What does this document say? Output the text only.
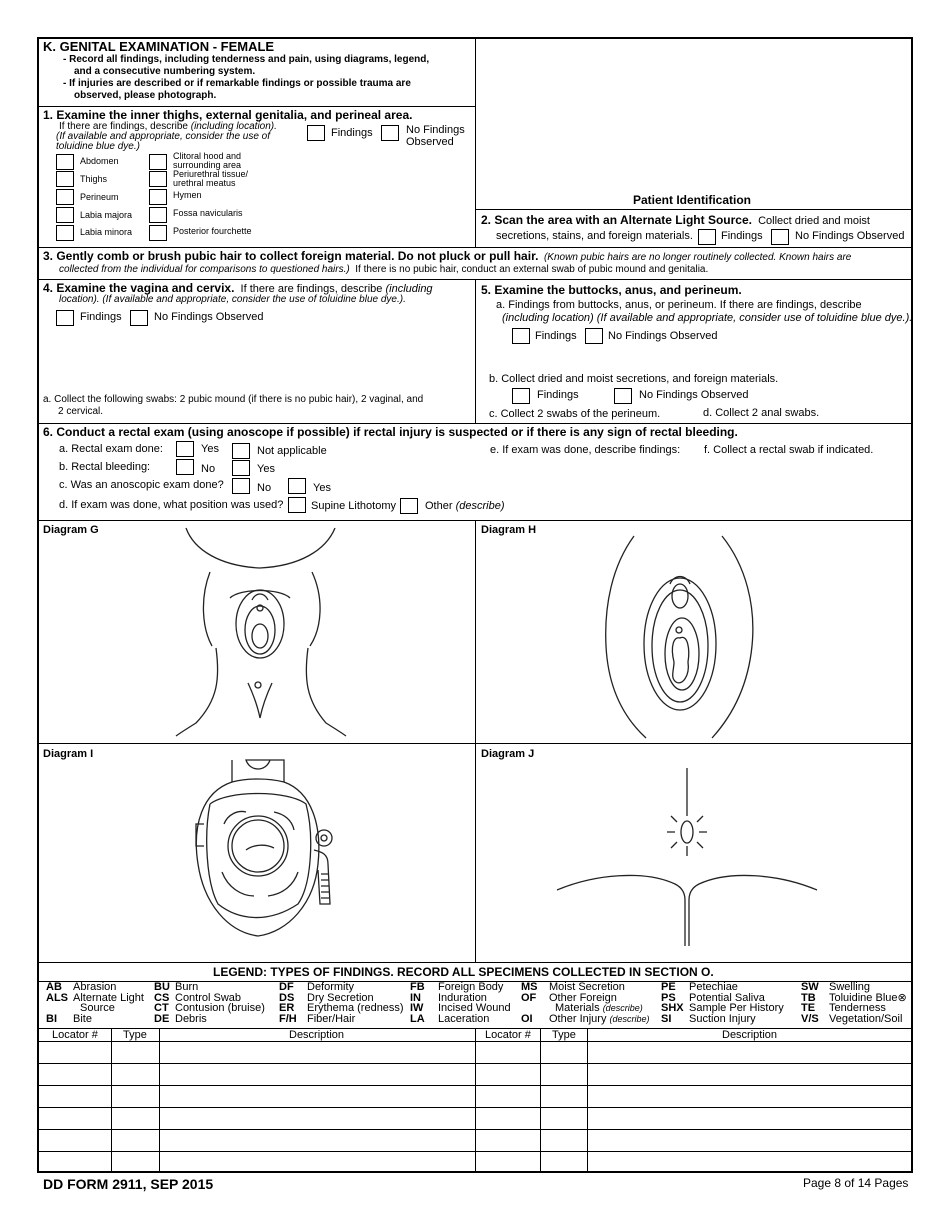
K. GENITAL EXAMINATION - FEMALE
- Record all findings, including tenderness and pain, using diagrams, legend,
and a consecutive numbering system.
- If injuries are described or if remarkable findings or possible trauma are
observed, please photograph.
1. Examine the inner thighs, external genitalia, and perineal area.
If there are findings, describe (including location).
(If available and appropriate, consider the use of
toluidine blue dye.)
Findings	No Findings
Observed
Abdomen
Thighs
Perineum
Labia majora
Labia minora
Clitoral hood and
surrounding area
Periurethral tissue/
urethral meatus
Hymen
Fossa navicularis
Posterior fourchette
Patient Identification
2. Scan the area with an Alternate Light Source. Collect dried and moist
secretions, stains, and foreign materials.	Findings	No Findings Observed
3. Gently comb or brush pubic hair to collect foreign material. Do not pluck or pull hair. (Known pubic hairs are no longer routinely collected. Known hairs are
collected from the individual for comparisons to questioned hairs.) If there is no pubic hair, conduct an external swab of pubic mound and genitalia.
4. Examine the vagina and cervix. If there are findings, describe (including
location). (If available and appropriate, consider the use of toluidine blue dye.).
Findings	No Findings Observed
a. Collect the following swabs: 2 pubic mound (if there is no pubic hair), 2 vaginal, and
2 cervical.
5. Examine the buttocks, anus, and perineum.
a. Findings from buttocks, anus, or perineum. If there are findings, describe
(including location) (If available and appropriate, consider use of toluidine blue dye.).
Findings	No Findings Observed
b. Collect dried and moist secretions, and foreign materials.
Findings	No Findings Observed
c. Collect 2 swabs of the perineum.	d. Collect 2 anal swabs.
6. Conduct a rectal exam (using anoscope if possible) if rectal injury is suspected or if there is any sign of rectal bleeding.
a. Rectal exam done:	Yes	Not applicable
b. Rectal bleeding:	No	Yes
c. Was an anoscopic exam done?	No	Yes
d. If exam was done, what position was used?	Supine Lithotomy	Other (describe)
e. If exam was done, describe findings: f. Collect a rectal swab if indicated.
Diagram G	Diagram H
Diagram I	Diagram J
LEGEND: TYPES OF FINDINGS. RECORD ALL SPECIMENS COLLECTED IN SECTION O.
AB Abrasion
ALS Alternate Light
Source
BI Bite
BU Burn
CS Control Swab
CT Contusion (bruise)
DE Debris
DF Deformity
DS Dry Secretion
ER Erythema (redness)
F/H Fiber/Hair
FB Foreign Body
IN Induration
IW Incised Wound
LA Laceration
MS Moist Secretion
OF Other Foreign
Materials (describe)
OI Other Injury (describe)
PE Petechiae
PS Potential Saliva
SHX Sample Per History
SI Suction Injury
SW Swelling
TB Toluidine Blue⊗
TE Tenderness
V/S Vegetation/Soil
Locator # Type	Description	Locator # Type	Description
DD FORM 2911, SEP 2015	Page 8 of 14 Pages
